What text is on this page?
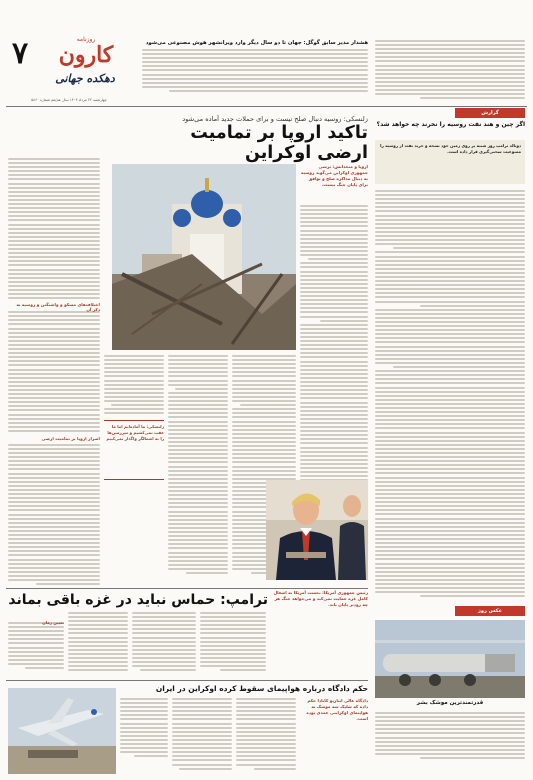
۷	روزنامه
کارون
دهکده جهانی
چهارشنبه ۲۲ مرداد ۱۴۰۴ سال هم/هم شماره ۵۸۶۰
هشدار مدیر سابق گوگل: جهان تا دو سال دیگر وارد ویرانشهر هوش مصنوعی می‌شود
گزارش
اگر چین و هند نفت روسیه را نخرند چه خواهد شد؟
دونالد ترامپ روز شنبه بر روی زمین خود نسخه و خرید نفت از روسیه را ممنوعیت سختی‌گیری قرار داده است.
زلنسکی: روسیه دنبال صلح نیست و برای حملات جدید آماده می‌شود
تاکید اروپا بر تمامیت ارضی اوکراین
اروپا و متحدانش: ترسی جمهوری اوکراین می‌گوید روسیه به دنبال مذاکره صلح و توافق برای پایان جنگ نیست.
زلنسکی: ما آماده‌ایم اما ما عقب نمی‌کشیم و سرزمین‌ها را به اشغالگر واگذار نمی‌کنیم
اختلاف‌های مسکو و واشنگتن و روسیه به ذکر آن
اصرار اروپا بر تمامیت ارضی
ترامپ: حماس نباید در غزه باقی بماند	رئیس جمهوری آمریکا: نخست آمریکا به اشغال کامل غزه حمایت نمی‌کند و می‌خواهد جنگ هر چه زودتر پایان یابد.
تعیین زمان
عکس روز
قدرتمندترین موشک بشر
حکم دادگاه درباره هواپیمای سقوط کرده اوکراین در ایران
دادگاه عالی انتاریو کانادا حکم داده که شلیک سه موشک به هواپیمای اوکراینی عمدی بوده است.
